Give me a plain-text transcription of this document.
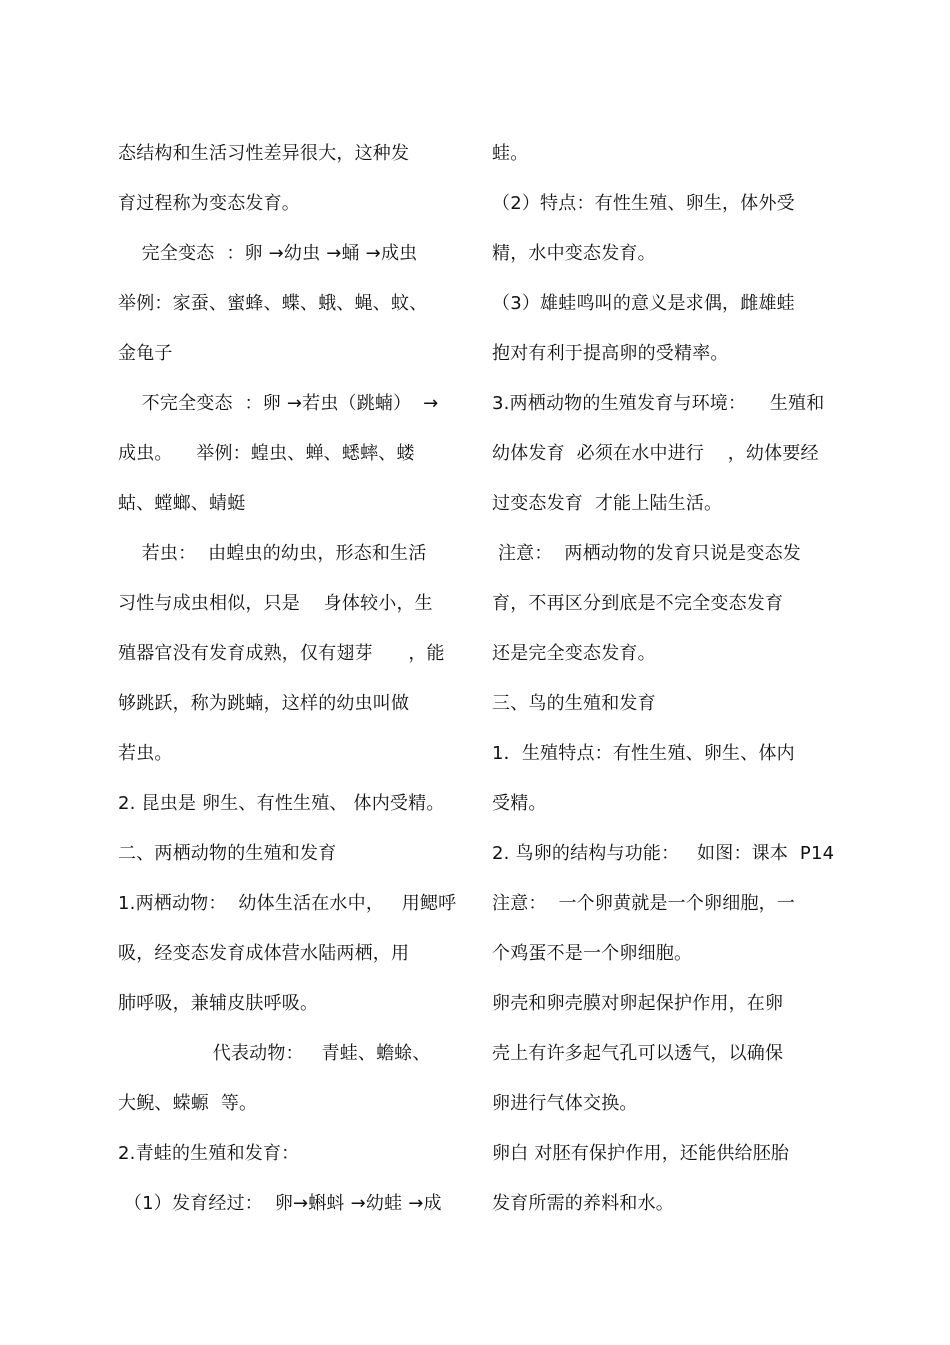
态结构和生活习性差异很大，这种发
育过程称为变态发育。
完全变态  ：卵 →幼虫 →蛹 →成虫
举例：家蚕、蜜蜂、蝶、蛾、蝇、蚊、
金龟子
不完全变态  ：卵 →若虫（跳蝻）  →
成虫。    举例：蝗虫、蝉、蟋蟀、蝼
蛄、螳螂、蜻蜓
若虫：  由蝗虫的幼虫，形态和生活
习性与成虫相似，只是    身体较小，生
殖器官没有发育成熟，仅有翅芽      ，能
够跳跃，称为跳蝻，这样的幼虫叫做
若虫。
2. 昆虫是 卵生、有性生殖、 体内受精。
二、两栖动物的生殖和发育
1.两栖动物：  幼体生活在水中，   用鳃呼
吸，经变态发育成体营水陆两栖，用
肺呼吸，兼辅皮肤呼吸。
代表动物：   青蛙、蟾蜍、
大鲵、蝾螈  等。
2.青蛙的生殖和发育：
（1）发育经过：  卵→蝌蚪 →幼蛙 →成
蛙。
（2）特点：有性生殖、卵生，体外受
精，水中变态发育。
（3）雄蛙鸣叫的意义是求偶，雌雄蛙
抱对有利于提高卵的受精率。
3.两栖动物的生殖发育与环境：    生殖和
幼体发育  必须在水中进行    ，幼体要经
过变态发育  才能上陆生活。
注意：  两栖动物的发育只说是变态发
育，不再区分到底是不完全变态发育
还是完全变态发育。
三、鸟的生殖和发育
1．生殖特点：有性生殖、卵生、体内
受精。
2. 鸟卵的结构与功能：   如图：课本  P14
注意：  一个卵黄就是一个卵细胞，一
个鸡蛋不是一个卵细胞。
卵壳和卵壳膜对卵起保护作用，在卵
壳上有许多起气孔可以透气，以确保
卵进行气体交换。
卵白 对胚有保护作用，还能供给胚胎
发育所需的养料和水。
